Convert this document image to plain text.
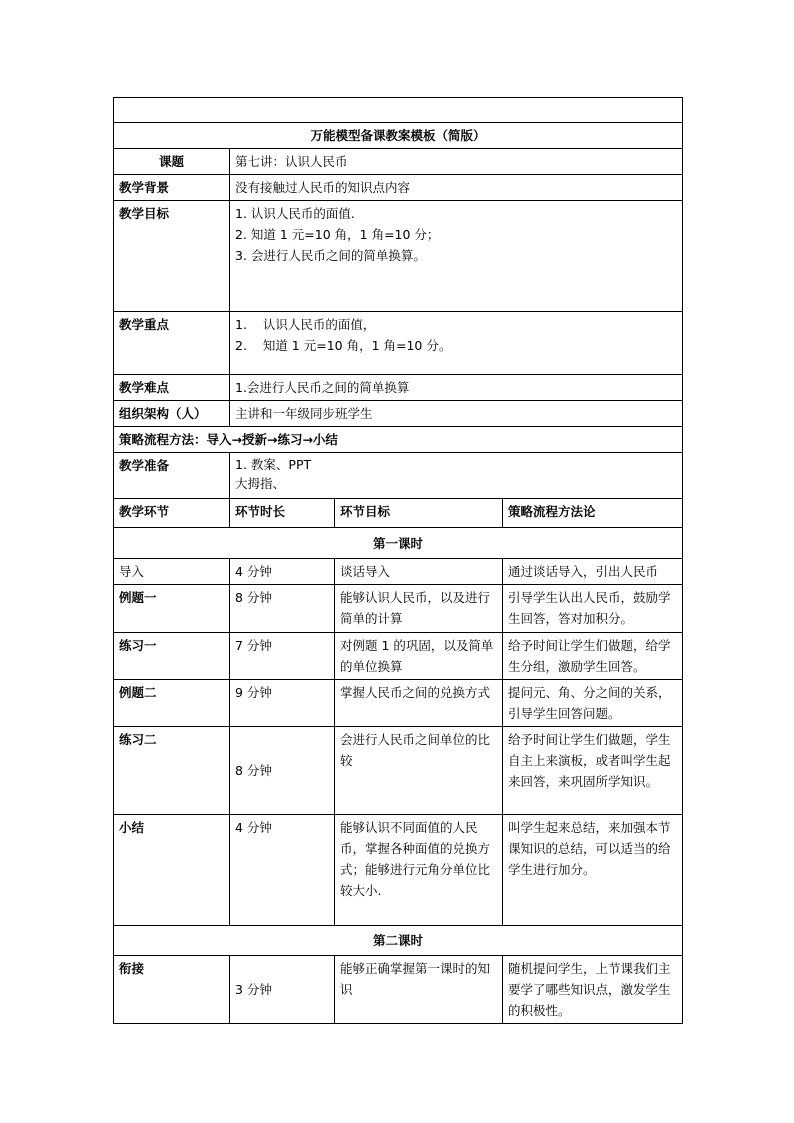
万能模型备课教案模板（简版）			
课题	第七讲：认识人民币		
教学背景	没有接触过人民币的知识点内容		
教学目标	1. 认识人民币的面值.
2. 知道 1 元=10 角，1 角=10 分；
3. 会进行人民币之间的简单换算。		

教学重点	1.    认识人民币的面值，
2.    知道 1 元=10 角，1 角=10 分。		

教学难点	1.会进行人民币之间的简单换算		
组织架构（人）	主讲和一年级同步班学生		
策略流程方法：导入→授新→练习→小结			
教学准备	1. 教案、PPT
大拇指、		

教学环节	环节时长	环节目标	策略流程方法论
第一课时			
导入	4 分钟	谈话导入	通过谈话导入，引出人民币
例题一	8 分钟	能够认识人民币，以及进行简单的计算	引导学生认出人民币，鼓励学生回答，答对加积分。
练习一	7 分钟	对例题 1 的巩固，以及简单的单位换算	给予时间让学生们做题，给学生分组，激励学生回答。
例题二	9 分钟	掌握人民币之间的兑换方式	提问元、角、分之间的关系，引导学生回答问题。
练习二	8 分钟	会进行人民币之间单位的比较	给予时间让学生们做题，学生自主上来演板，或者叫学生起来回答，来巩固所学知识。
小结	4 分钟	能够认识不同面值的人民币，掌握各种面值的兑换方式；能够进行元角分单位比较大小.	叫学生起来总结，来加强本节课知识的总结，可以适当的给学生进行加分。
第二课时			
衔接	3 分钟	能够正确掌握第一课时的知识	随机提问学生，上节课我们主要学了哪些知识点，激发学生的积极性。
